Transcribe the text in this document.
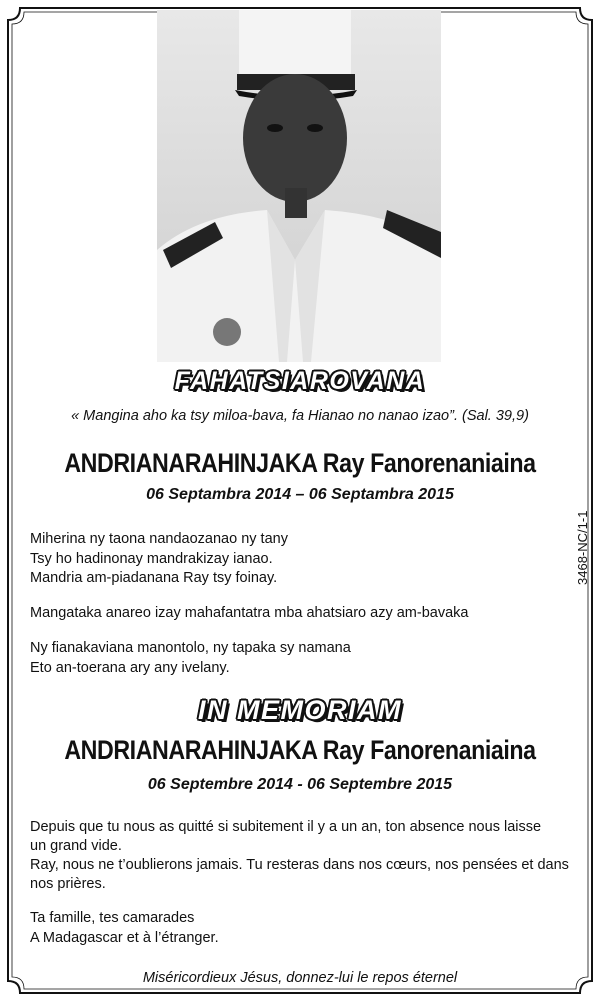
FAHATSIAROVANA
« Mangina aho ka tsy miloa-bava, fa Hianao no nanao izao”. (Sal. 39,9)
ANDRIANARAHINJAKA Ray Fanorenaniaina
06 Septambra 2014 – 06 Septambra 2015
Miherina ny taona nandaozanao ny tany
Tsy ho hadinonay mandrakizay ianao.
Mandria am-piadanana Ray tsy foinay.
Mangataka anareo izay mahafantatra mba ahatsiaro azy am-bavaka
Ny fianakaviana manontolo, ny tapaka sy namana
Eto an-toerana ary any ivelany.
IN MEMORIAM
ANDRIANARAHINJAKA Ray Fanorenaniaina
06 Septembre 2014 - 06 Septembre 2015
Depuis que tu nous as quitté si subitement il y a un an, ton absence nous laisse
un grand vide.
Ray, nous ne t’oublierons jamais. Tu resteras dans nos cœurs, nos pensées et dans
nos prières.
Ta famille, tes camarades
A Madagascar et à l’étranger.
Miséricordieux Jésus, donnez-lui le repos éternel
3468-NC/1-1
